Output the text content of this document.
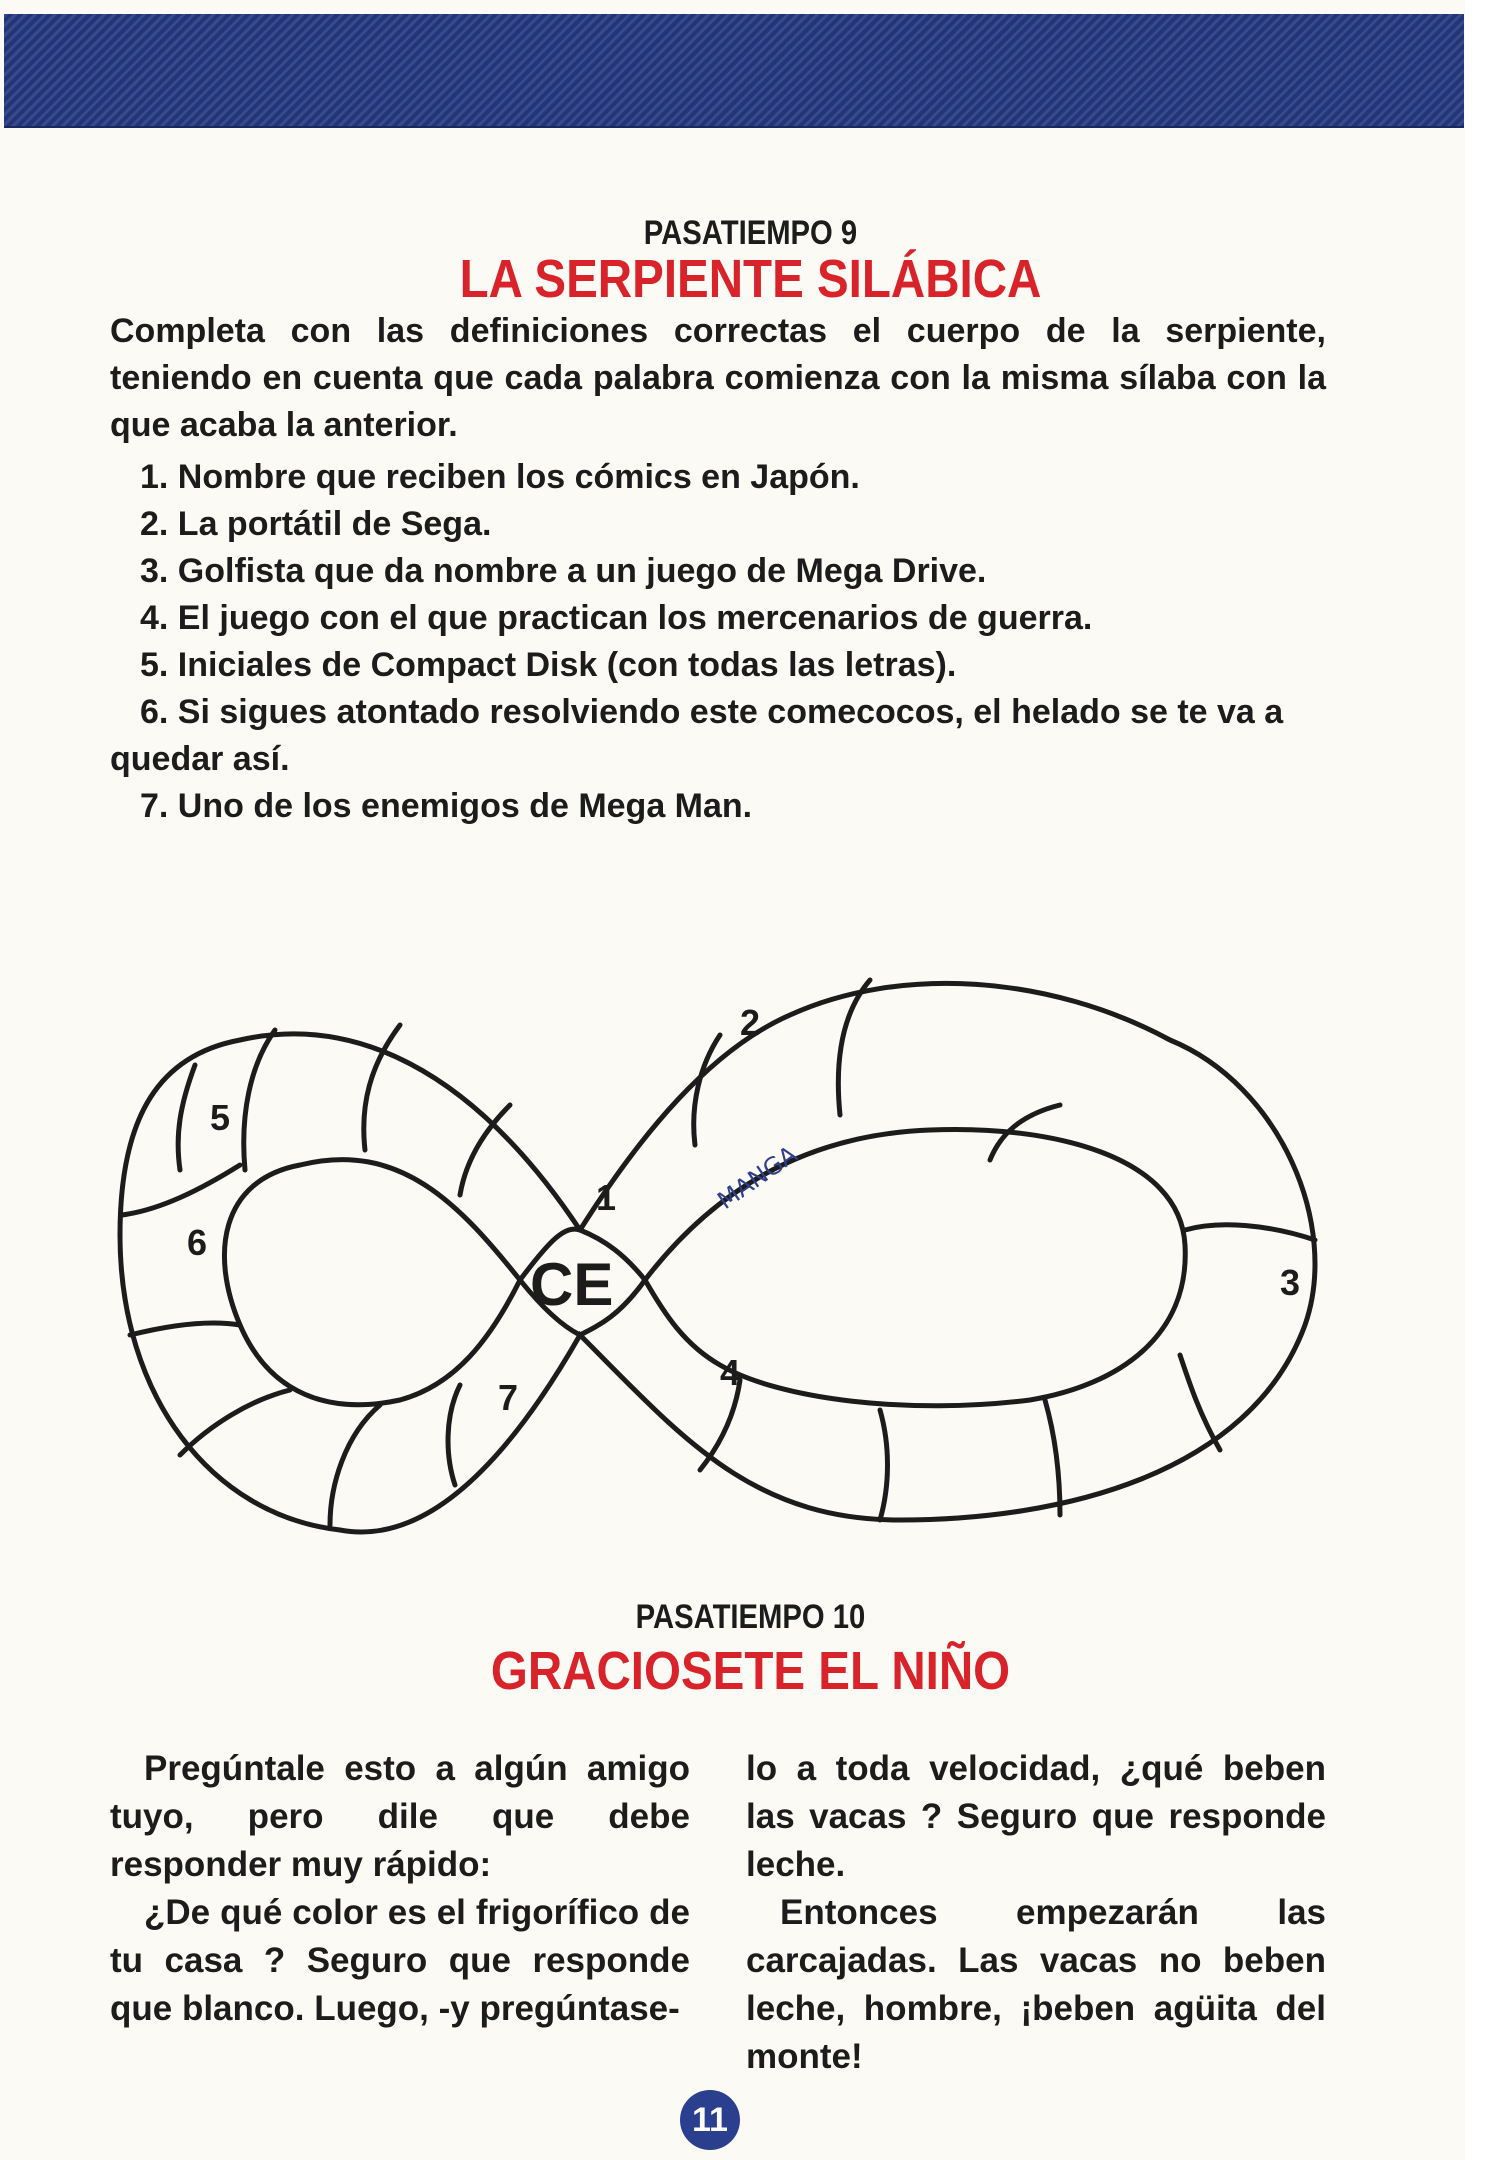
PASATIEMPO 9
LA SERPIENTE SILÁBICA
Completa con las definiciones correctas el cuerpo de la serpiente, teniendo en cuenta que cada palabra comienza con la misma sílaba con la que acaba la anterior.
1. Nombre que reciben los cómics en Japón.
2. La portátil de Sega.
3. Golfista que da nombre a un juego de Mega Drive.
4. El juego con el que practican los mercenarios de guerra.
5. Iniciales de Compact Disk (con todas las letras).
6. Si sigues atontado resolviendo este comecocos, el helado se te va a quedar así.
7. Uno de los enemigos de Mega Man.
1
2
3
4
5
6
7
CE
MANGA
PASATIEMPO 10
GRACIOSETE EL NIÑO

Pregúntale esto a algún amigo tuyo, pero dile que debe responder muy rápido:

¿De qué color es el frigorífico de tu casa ? Seguro que responde que blanco. Luego, -y pregúntase-

lo a toda velocidad, ¿qué beben las vacas ? Seguro que responde leche.

Entonces empezarán las carcajadas. Las vacas no beben leche, hombre, ¡beben agüita del monte!

11
